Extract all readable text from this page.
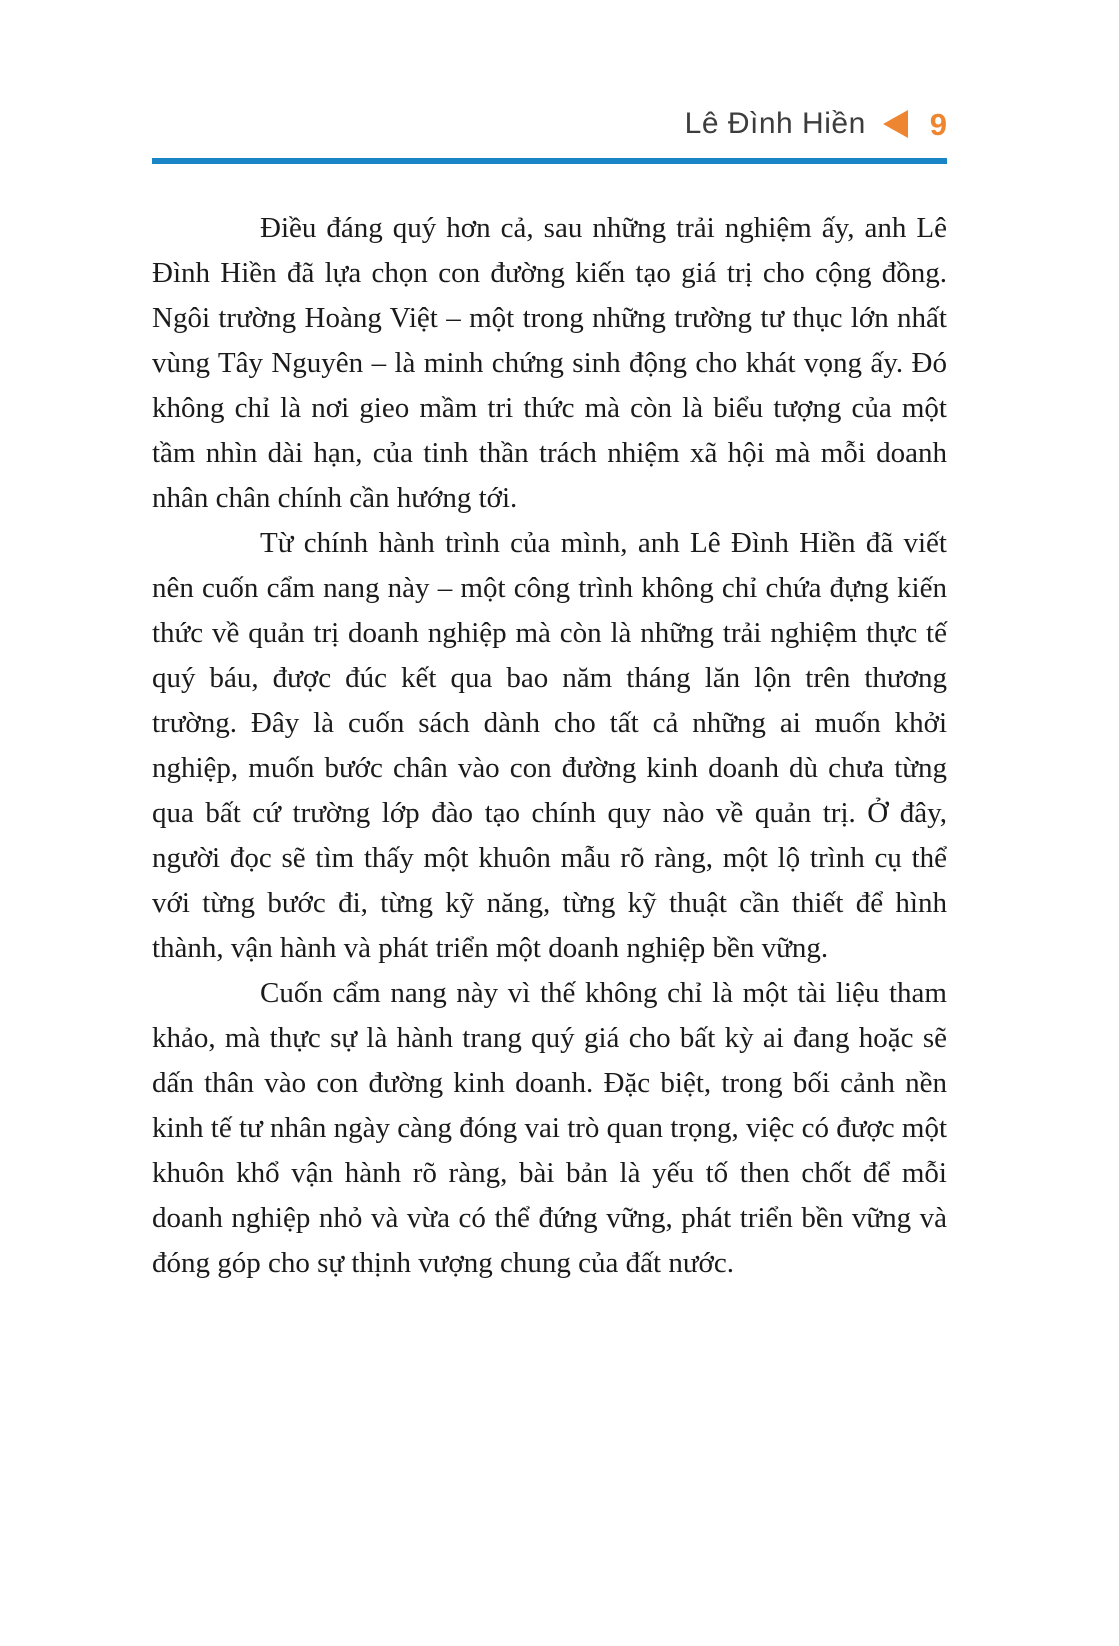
Lê Đình Hiền 9

Điều đáng quý hơn cả, sau những trải nghiệm ấy, anh Lê Đình Hiền đã lựa chọn con đường kiến tạo giá trị cho cộng đồng. Ngôi trường Hoàng Việt – một trong những trường tư thục lớn nhất vùng Tây Nguyên – là minh chứng sinh động cho khát vọng ấy. Đó không chỉ là nơi gieo mầm tri thức mà còn là biểu tượng của một tầm nhìn dài hạn, của tinh thần trách nhiệm xã hội mà mỗi doanh nhân chân chính cần hướng tới.

Từ chính hành trình của mình, anh Lê Đình Hiền đã viết nên cuốn cẩm nang này – một công trình không chỉ chứa đựng kiến thức về quản trị doanh nghiệp mà còn là những trải nghiệm thực tế quý báu, được đúc kết qua bao năm tháng lăn lộn trên thương trường. Đây là cuốn sách dành cho tất cả những ai muốn khởi nghiệp, muốn bước chân vào con đường kinh doanh dù chưa từng qua bất cứ trường lớp đào tạo chính quy nào về quản trị. Ở đây, người đọc sẽ tìm thấy một khuôn mẫu rõ ràng, một lộ trình cụ thể với từng bước đi, từng kỹ năng, từng kỹ thuật cần thiết để hình thành, vận hành và phát triển một doanh nghiệp bền vững.

Cuốn cẩm nang này vì thế không chỉ là một tài liệu tham khảo, mà thực sự là hành trang quý giá cho bất kỳ ai đang hoặc sẽ dấn thân vào con đường kinh doanh. Đặc biệt, trong bối cảnh nền kinh tế tư nhân ngày càng đóng vai trò quan trọng, việc có được một khuôn khổ vận hành rõ ràng, bài bản là yếu tố then chốt để mỗi doanh nghiệp nhỏ và vừa có thể đứng vững, phát triển bền vững và đóng góp cho sự thịnh vượng chung của đất nước.
